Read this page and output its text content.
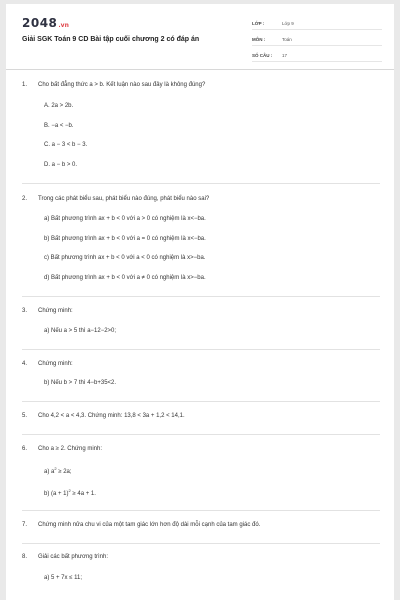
2048.vn
Giải SGK Toán 9 CD Bài tập cuối chương 2 có đáp án
LỚP :	Lớp 9
MÔN :	Toán
SỐ CÂU :	17
1.	Cho bất đẳng thức a > b. Kết luận nào sau đây là không đúng?
A. 2a > 2b.
B. −a < −b.
C. a − 3 < b − 3.
D. a − b > 0.
2.	Trong các phát biểu sau, phát biểu nào đúng, phát biểu nào sai?
a) Bất phương trình ax + b < 0 với a > 0 có nghiệm là x<−ba.
b) Bất phương trình ax + b < 0 với a = 0 có nghiệm là x<−ba.
c) Bất phương trình ax + b < 0 với a < 0 có nghiệm là x>−ba.
d) Bất phương trình ax + b < 0 với a ≠ 0 có nghiệm là x>−ba.
3.	Chứng minh:
a) Nếu a > 5 thì a−12−2>0;
4.	Chứng minh:
b) Nếu b > 7 thì 4−b+35<2.
5.	Cho 4,2 < a < 4,3. Chứng minh: 13,8 < 3a + 1,2 < 14,1.
6.	Cho a ≥ 2. Chứng minh:
a) $a^2 \ge 2a$;
b) $(a + 1)^2 \ge 4a + 1$.
7.	Chứng minh nửa chu vi của một tam giác lớn hơn độ dài mỗi cạnh của tam giác đó.
8.	Giải các bất phương trình:
a) 5 + 7x ≤ 11;
